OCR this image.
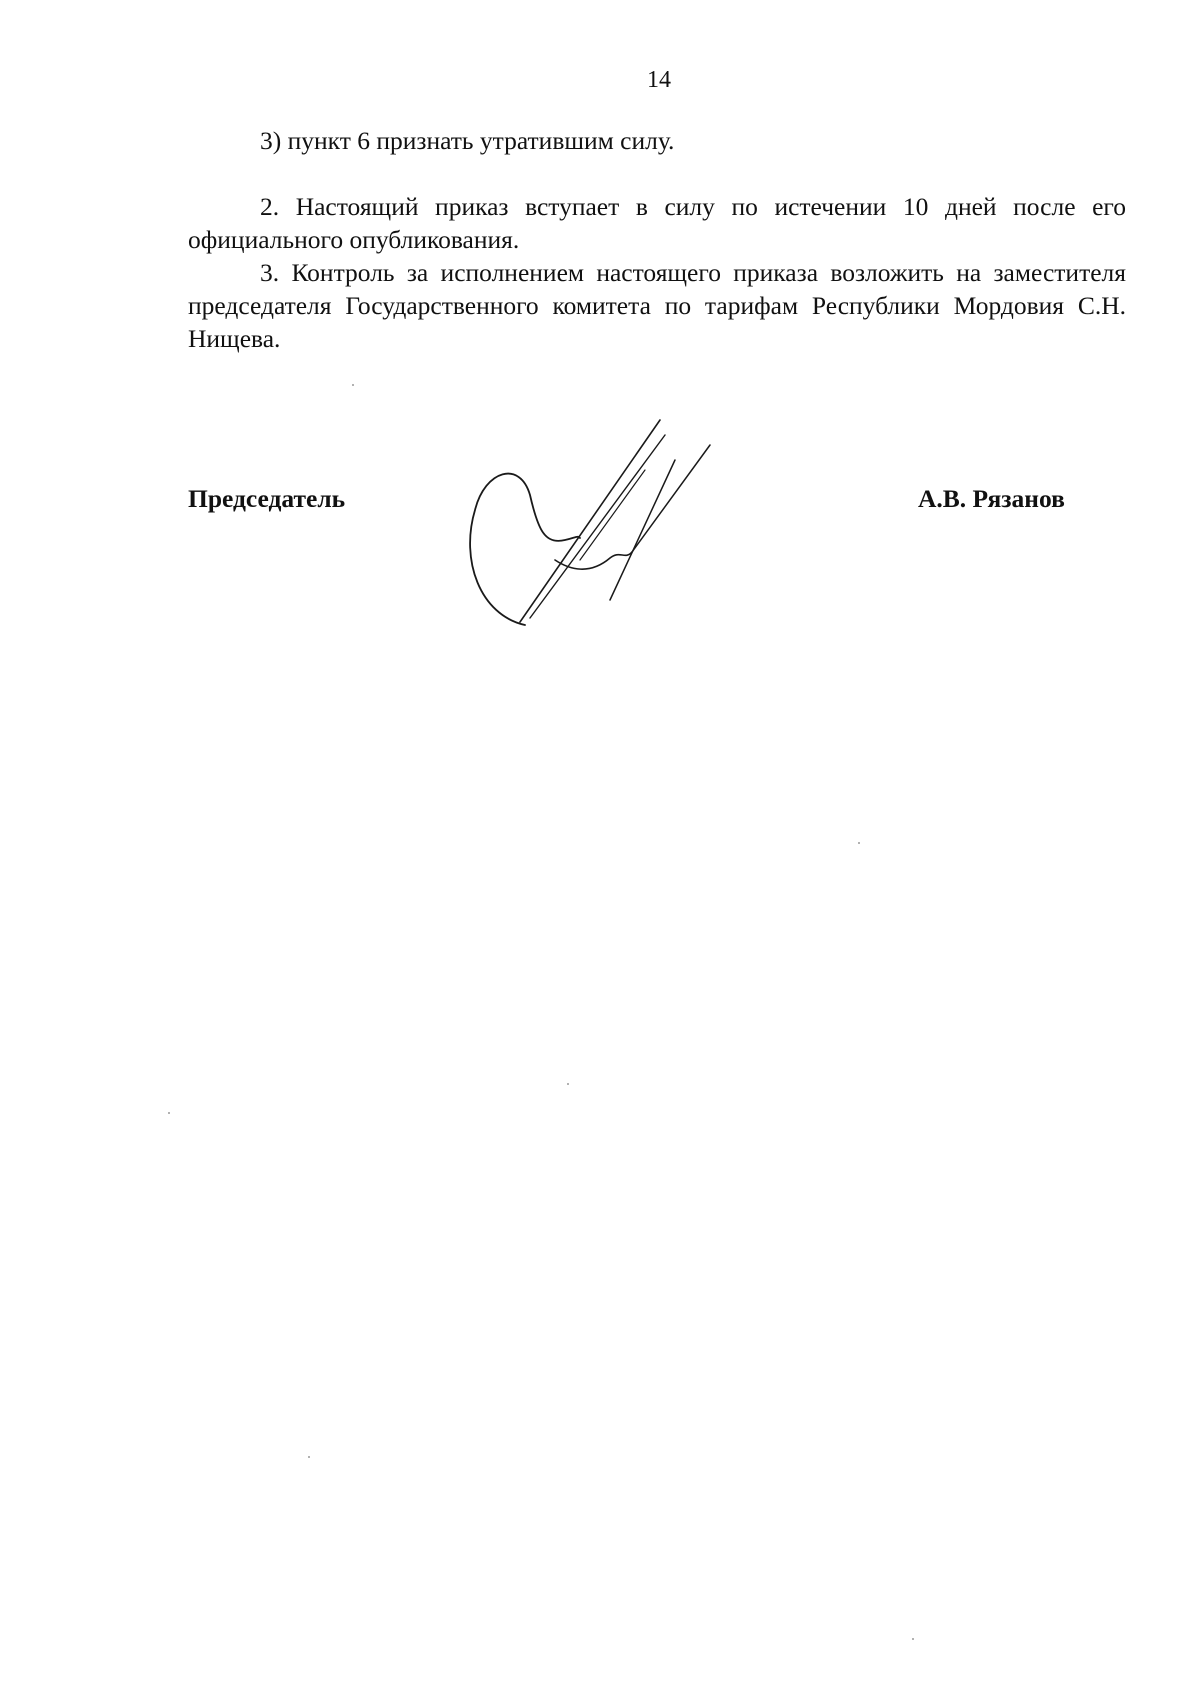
14

3) пункт 6 признать утратившим силу.

2. Настоящий приказ вступает в силу по истечении 10 дней после его официального опубликования.

3. Контроль за исполнением настоящего приказа возложить на заместителя председателя Государственного комитета по тарифам Республики Мордовия С.Н. Нищева.

Председатель	А.В. Рязанов
